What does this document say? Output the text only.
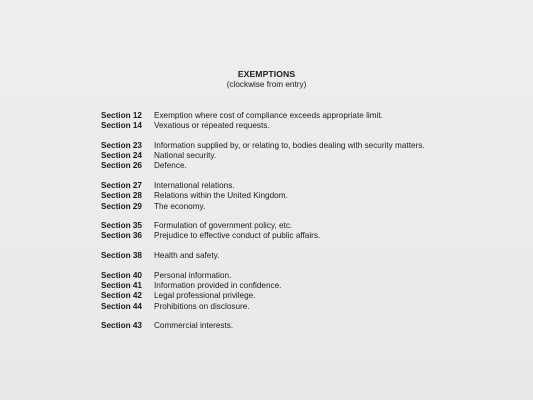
EXEMPTIONS
(clockwise from entry)
Section 12	Exemption where cost of compliance exceeds appropriate limit.
Section 14	Vexatious or repeated requests.
Section 23	Information supplied by, or relating to, bodies dealing with security matters.
Section 24	National security.
Section 26	Defence.
Section 27	International relations.
Section 28	Relations within the United Kingdom.
Section 29	The economy.
Section 35	Formulation of government policy, etc.
Section 36	Prejudice to effective conduct of public affairs.
Section 38	Health and safety.
Section 40	Personal information.
Section 41	Information provided in confidence.
Section 42	Legal professional privilege.
Section 44	Prohibitions on disclosure.
Section 43	Commercial interests.
